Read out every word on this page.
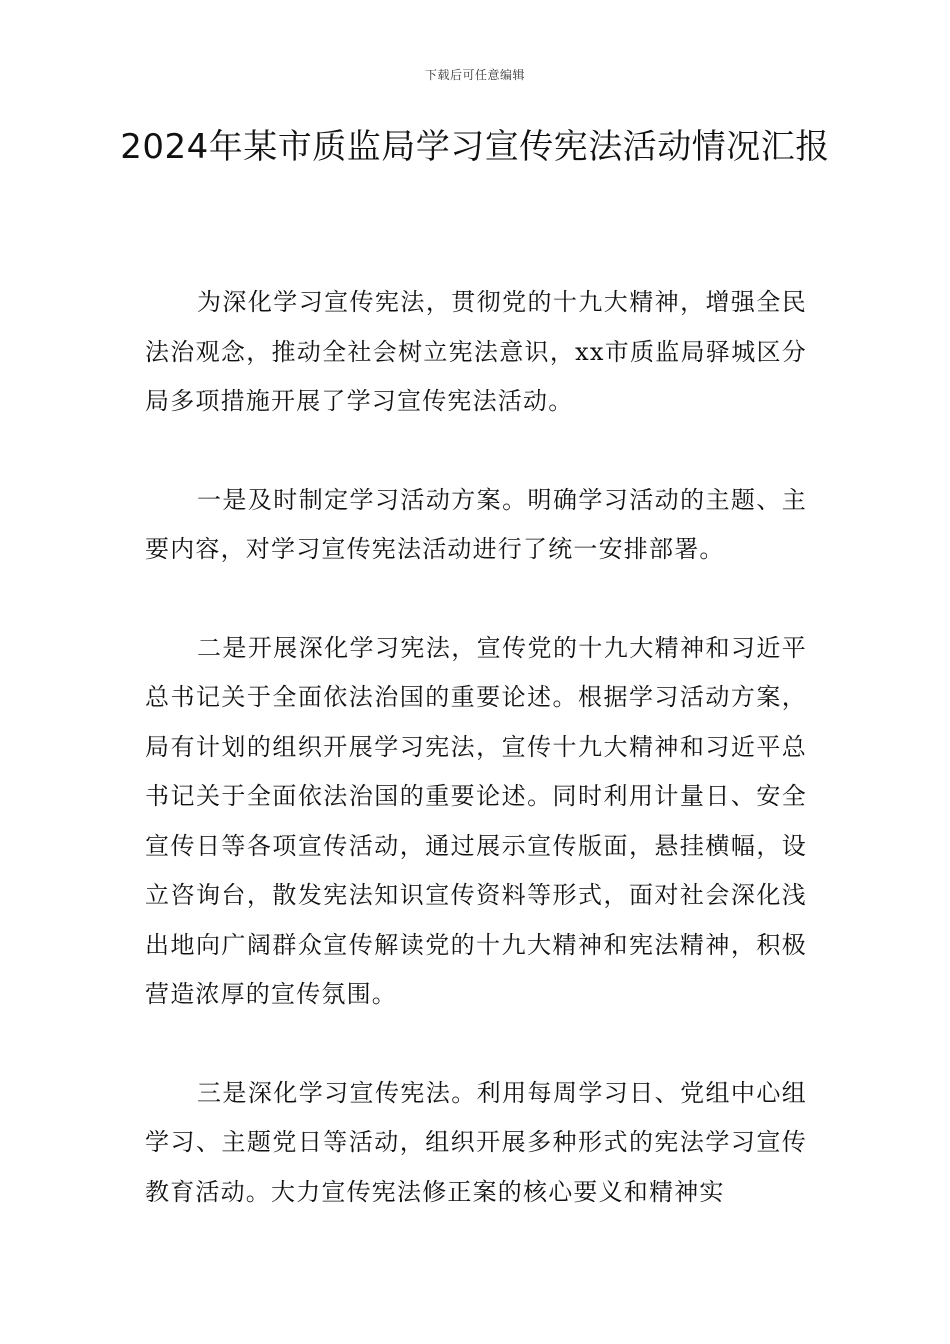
下载后可任意编辑
2024年某市质监局学习宣传宪法活动情况汇报

为深化学习宣传宪法，贯彻党的十九大精神，增强全民法治观念，推动全社会树立宪法意识，xx市质监局驿城区分局多项措施开展了学习宣传宪法活动。

一是及时制定学习活动方案。明确学习活动的主题、主要内容，对学习宣传宪法活动进行了统一安排部署。

二是开展深化学习宪法，宣传党的十九大精神和习近平总书记关于全面依法治国的重要论述。根据学习活动方案，局有计划的组织开展学习宪法，宣传十九大精神和习近平总书记关于全面依法治国的重要论述。同时利用计量日、安全宣传日等各项宣传活动，通过展示宣传版面，悬挂横幅，设立咨询台，散发宪法知识宣传资料等形式，面对社会深化浅出地向广阔群众宣传解读党的十九大精神和宪法精神，积极营造浓厚的宣传氛围。

三是深化学习宣传宪法。利用每周学习日、党组中心组学习、主题党日等活动，组织开展多种形式的宪法学习宣传教育活动。大力宣传宪法修正案的核心要义和精神实
